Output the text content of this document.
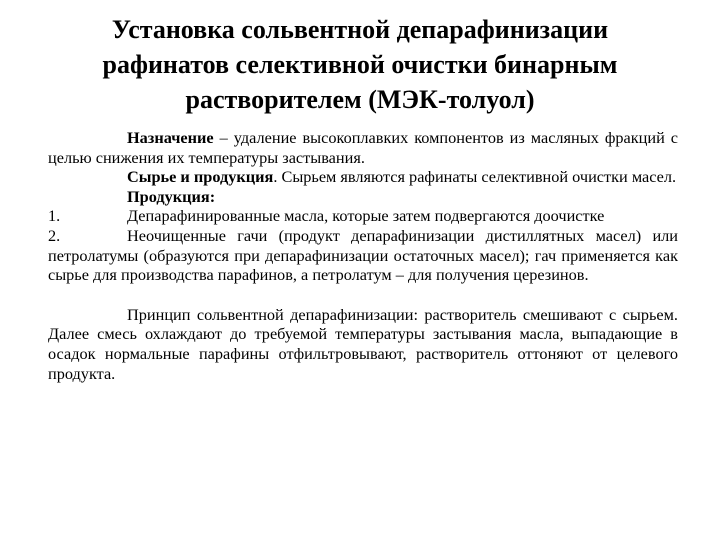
Установка сольвентной депарафинизации
рафинатов селективной очистки бинарным
растворителем (МЭК-толуол)

Назначение – удаление высокоплавких компонентов из масляных фракций с целью снижения их температуры застывания.

Сырье и продукция. Сырьем являются рафинаты селективной очистки масел.

Продукция:

1.	Депарафинированные масла, которые затем подвергаются доочистке

2.	Неочищенные гачи (продукт депарафинизации дистиллятных масел) или петролатумы (образуются при депарафинизации остаточных масел); гач применяется как сырье для производства парафинов, а петролатум – для получения церезинов.

Принцип сольвентной депарафинизации: растворитель смешивают с сырьем. Далее смесь охлаждают до требуемой температуры застывания масла, выпадающие в осадок нормальные парафины отфильтровывают, растворитель оттоняют от целевого продукта.
